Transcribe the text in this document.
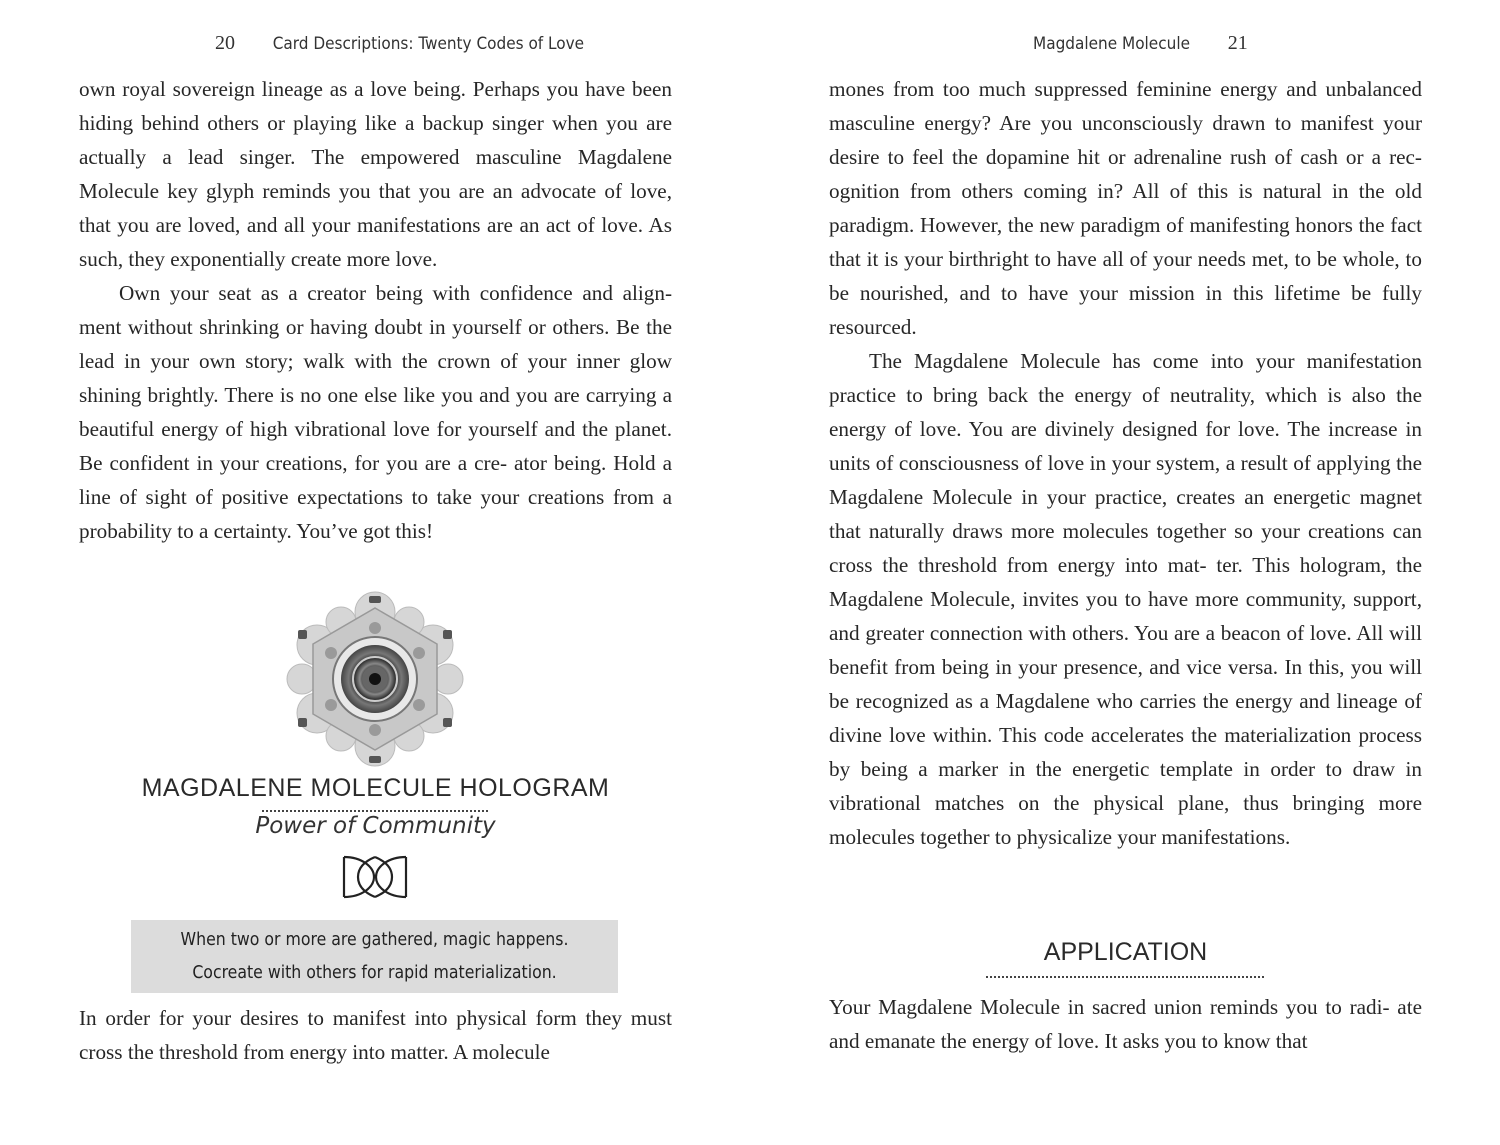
20 Card Descriptions: Twenty Codes of Love

own royal sovereign lineage as a love being. Perhaps you have been hiding behind others or playing like a backup singer when you are actually a lead singer. The empowered masculine Magdalene Molecule key glyph reminds you that you are an advocate of love, that you are loved, and all your manifestations are an act of love. As such, they exponentially create more love.

Own your seat as a creator being with confidence and align- ment without shrinking or having doubt in yourself or others. Be the lead in your own story; walk with the crown of your inner glow shining brightly. There is no one else like you and you are carrying a beautiful energy of high vibrational love for yourself and the planet. Be confident in your creations, for you are a cre- ator being. Hold a line of sight of positive expectations to take your creations from a probability to a certainty. You’ve got this!

MAGDALENE MOLECULE HOLOGRAM
Power of Community
When two or more are gathered, magic happens.
Cocreate with others for rapid materialization.

In order for your desires to manifest into physical form they must cross the threshold from energy into matter. A molecule

Magdalene Molecule 21

mones from too much suppressed feminine energy and unbalanced masculine energy? Are you unconsciously drawn to manifest your desire to feel the dopamine hit or adrenaline rush of cash or a rec- ognition from others coming in? All of this is natural in the old paradigm. However, the new paradigm of manifesting honors the fact that it is your birthright to have all of your needs met, to be whole, to be nourished, and to have your mission in this lifetime be fully resourced.

The Magdalene Molecule has come into your manifestation practice to bring back the energy of neutrality, which is also the energy of love. You are divinely designed for love. The increase in units of consciousness of love in your system, a result of applying the Magdalene Molecule in your practice, creates an energetic magnet that naturally draws more molecules together so your creations can cross the threshold from energy into mat- ter. This hologram, the Magdalene Molecule, invites you to have more community, support, and greater connection with others. You are a beacon of love. All will benefit from being in your presence, and vice versa. In this, you will be recognized as a Magdalene who carries the energy and lineage of divine love within. This code accelerates the materialization process by being a marker in the energetic template in order to draw in vibrational matches on the physical plane, thus bringing more molecules together to physicalize your manifestations.

APPLICATION

Your Magdalene Molecule in sacred union reminds you to radi- ate and emanate the energy of love. It asks you to know that
